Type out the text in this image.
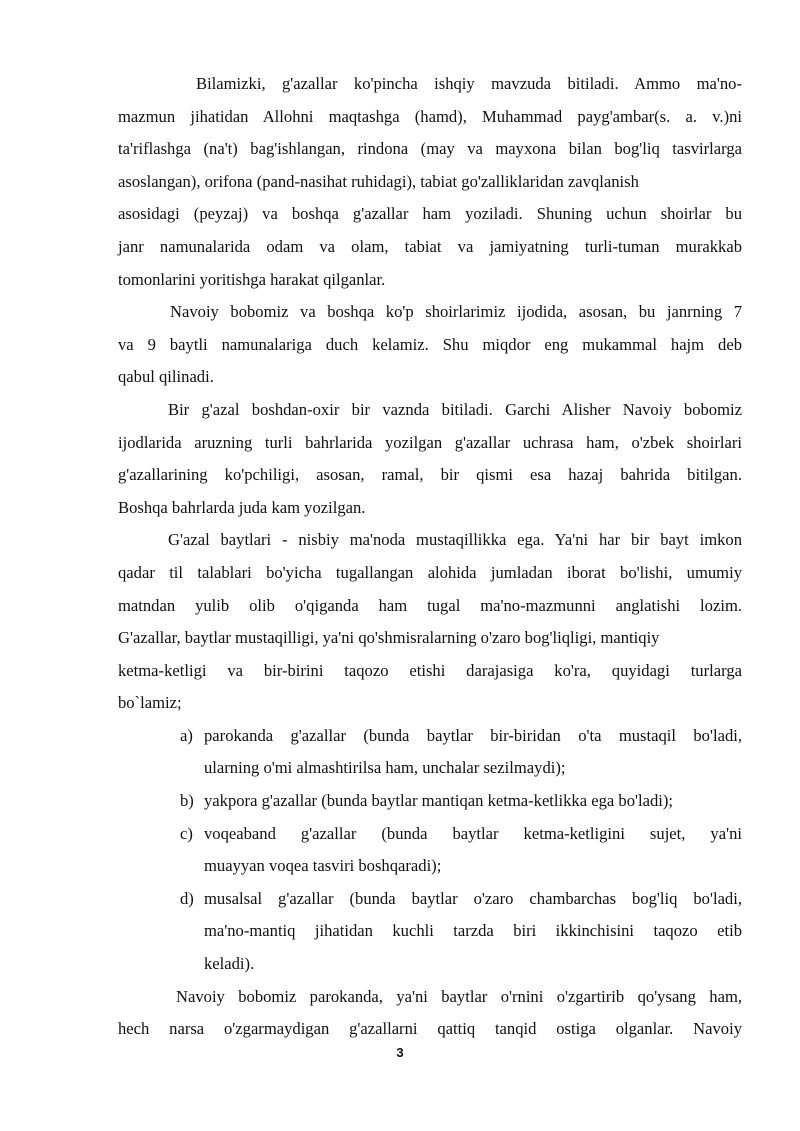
Bilamizki, g'azallar ko'pincha ishqiy mavzuda bitiladi. Ammo ma'no-
mazmun jihatidan Allohni maqtashga (hamd), Muhammad payg'ambar(s. a. v.)ni
ta'riflashga (na't) bag'ishlangan, rindona (may va mayxona bilan bog'liq tasvirlarga
asoslangan), orifona (pand-nasihat ruhidagi), tabiat go'zalliklaridan zavqlanish
asosidagi (peyzaj) va boshqa g'azallar ham yoziladi. Shuning uchun shoirlar bu
janr namunalarida odam va olam, tabiat va jamiyatning turli-tuman murakkab
tomonlarini yoritishga harakat qilganlar.
Navoiy bobomiz va boshqa ko'p shoirlarimiz ijodida, asosan, bu janrning 7
va 9 baytli namunalariga duch kelamiz. Shu miqdor eng mukammal hajm deb
qabul qilinadi.
Bir g'azal boshdan-oxir bir vaznda bitiladi. Garchi Alisher Navoiy bobomiz
ijodlarida aruzning turli bahrlarida yozilgan g'azallar uchrasa ham, o'zbek shoirlari
g'azallarining ko'pchiligi, asosan, ramal, bir qismi esa hazaj bahrida bitilgan.
Boshqa bahrlarda juda kam yozilgan.
G'azal baytlari - nisbiy ma'noda mustaqillikka ega. Ya'ni har bir bayt imkon
qadar til talablari bo'yicha tugallangan alohida jumladan iborat bo'lishi, umumiy
matndan yulib olib o'qiganda ham tugal ma'no-mazmunni anglatishi lozim.
G'azallar, baytlar mustaqilligi, ya'ni qo'shmisralarning o'zaro bog'liqligi, mantiqiy
ketma-ketligi va bir-birini taqozo etishi darajasiga ko'ra, quyidagi turlarga
bo`lamiz;
a) parokanda g'azallar (bunda baytlar bir-biridan o'ta mustaqil bo'ladi,
ularning o'mi almashtirilsa ham, unchalar sezilmaydi);
b) yakpora g'azallar (bunda baytlar mantiqan ketma-ketlikka ega bo'ladi);
c) voqeaband g'azallar (bunda baytlar ketma-ketligini sujet, ya'ni
muayyan voqea tasviri boshqaradi);
d) musalsal g'azallar (bunda baytlar o'zaro chambarchas bog'liq bo'ladi,
ma'no-mantiq jihatidan kuchli tarzda biri ikkinchisini taqozo etib
keladi).
Navoiy bobomiz parokanda, ya'ni baytlar o'rnini o'zgartirib qo'ysang ham,
hech narsa o'zgarmaydigan g'azallarni qattiq tanqid ostiga olganlar. Navoiy
3
